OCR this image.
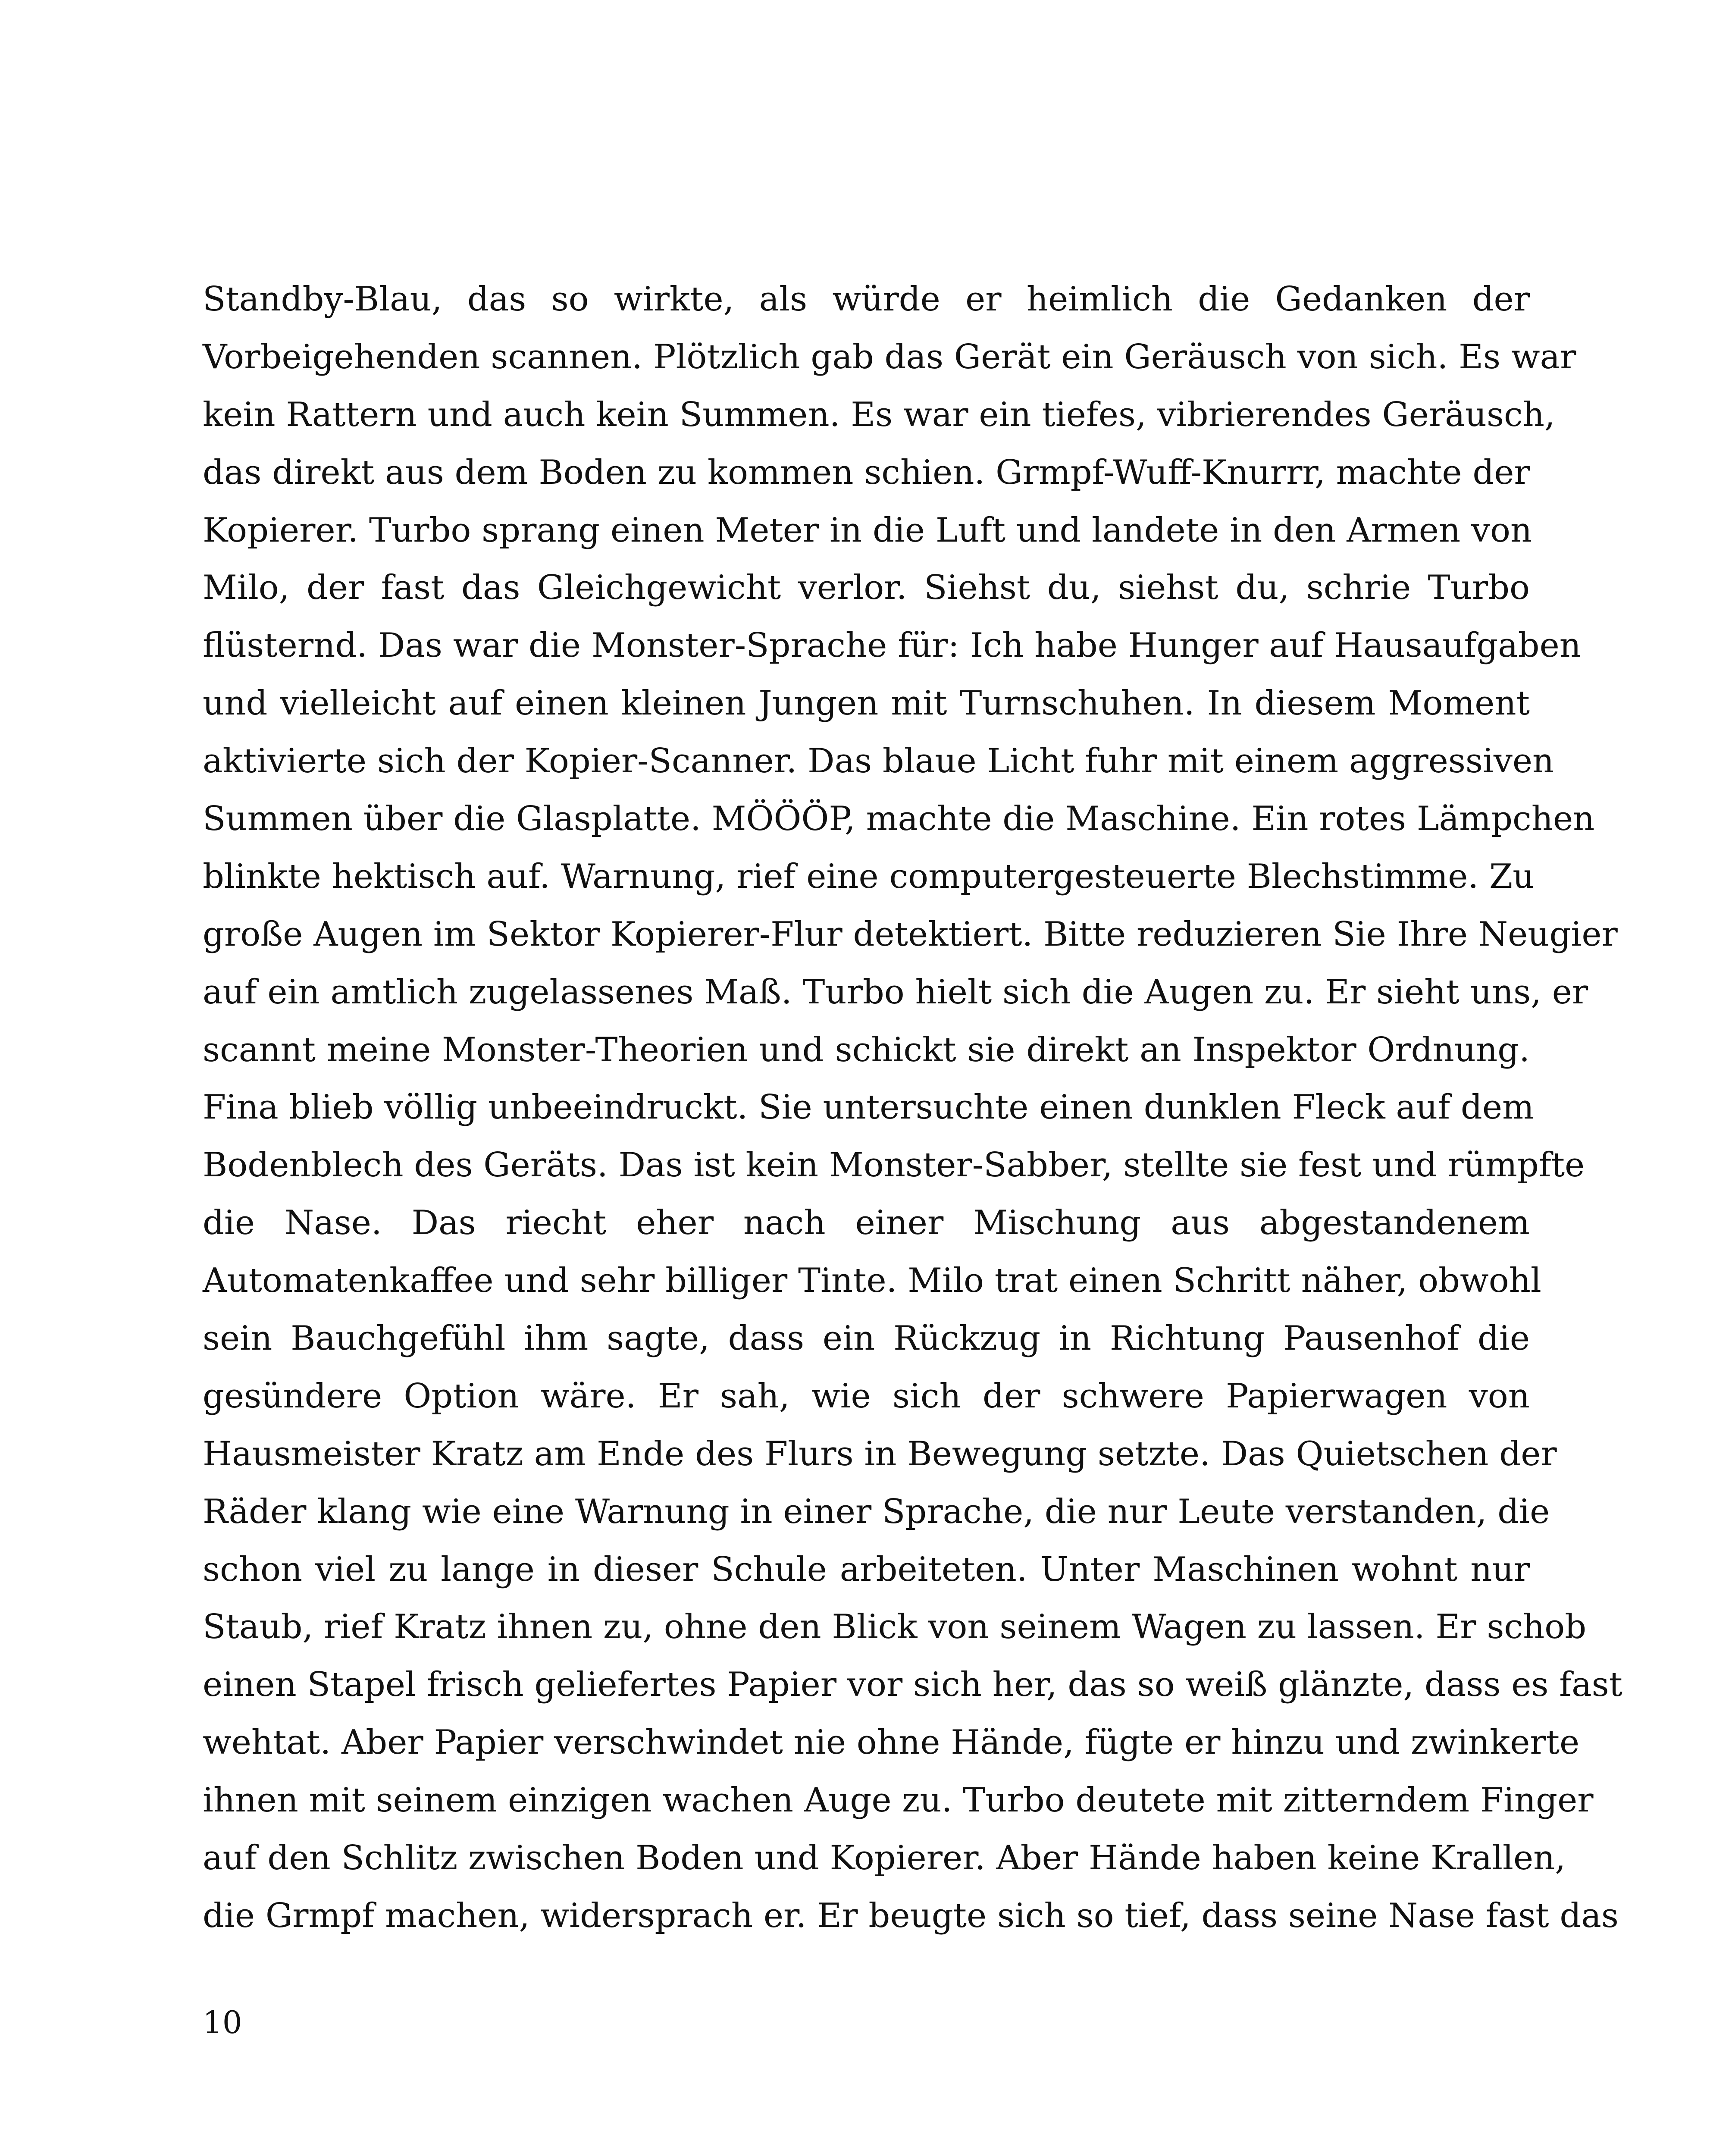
Standby-Blau, das so wirkte, als würde er heimlich die Gedanken der
Vorbeigehenden scannen. Plötzlich gab das Gerät ein Geräusch von sich. Es war
kein Rattern und auch kein Summen. Es war ein tiefes, vibrierendes Geräusch,
das direkt aus dem Boden zu kommen schien. Grmpf-Wuff-Knurrr, machte der
Kopierer. Turbo sprang einen Meter in die Luft und landete in den Armen von
Milo, der fast das Gleichgewicht verlor. Siehst du, siehst du, schrie Turbo
flüsternd. Das war die Monster-Sprache für: Ich habe Hunger auf Hausaufgaben
und vielleicht auf einen kleinen Jungen mit Turnschuhen. In diesem Moment
aktivierte sich der Kopier-Scanner. Das blaue Licht fuhr mit einem aggressiven
Summen über die Glasplatte. MÖÖÖP, machte die Maschine. Ein rotes Lämpchen
blinkte hektisch auf. Warnung, rief eine computergesteuerte Blechstimme. Zu
große Augen im Sektor Kopierer-Flur detektiert. Bitte reduzieren Sie Ihre Neugier
auf ein amtlich zugelassenes Maß. Turbo hielt sich die Augen zu. Er sieht uns, er
scannt meine Monster-Theorien und schickt sie direkt an Inspektor Ordnung.
Fina blieb völlig unbeeindruckt. Sie untersuchte einen dunklen Fleck auf dem
Bodenblech des Geräts. Das ist kein Monster-Sabber, stellte sie fest und rümpfte
die Nase. Das riecht eher nach einer Mischung aus abgestandenem
Automatenkaffee und sehr billiger Tinte. Milo trat einen Schritt näher, obwohl
sein Bauchgefühl ihm sagte, dass ein Rückzug in Richtung Pausenhof die
gesündere Option wäre. Er sah, wie sich der schwere Papierwagen von
Hausmeister Kratz am Ende des Flurs in Bewegung setzte. Das Quietschen der
Räder klang wie eine Warnung in einer Sprache, die nur Leute verstanden, die
schon viel zu lange in dieser Schule arbeiteten. Unter Maschinen wohnt nur
Staub, rief Kratz ihnen zu, ohne den Blick von seinem Wagen zu lassen. Er schob
einen Stapel frisch geliefertes Papier vor sich her, das so weiß glänzte, dass es fast
wehtat. Aber Papier verschwindet nie ohne Hände, fügte er hinzu und zwinkerte
ihnen mit seinem einzigen wachen Auge zu. Turbo deutete mit zitterndem Finger
auf den Schlitz zwischen Boden und Kopierer. Aber Hände haben keine Krallen,
die Grmpf machen, widersprach er. Er beugte sich so tief, dass seine Nase fast das
10
